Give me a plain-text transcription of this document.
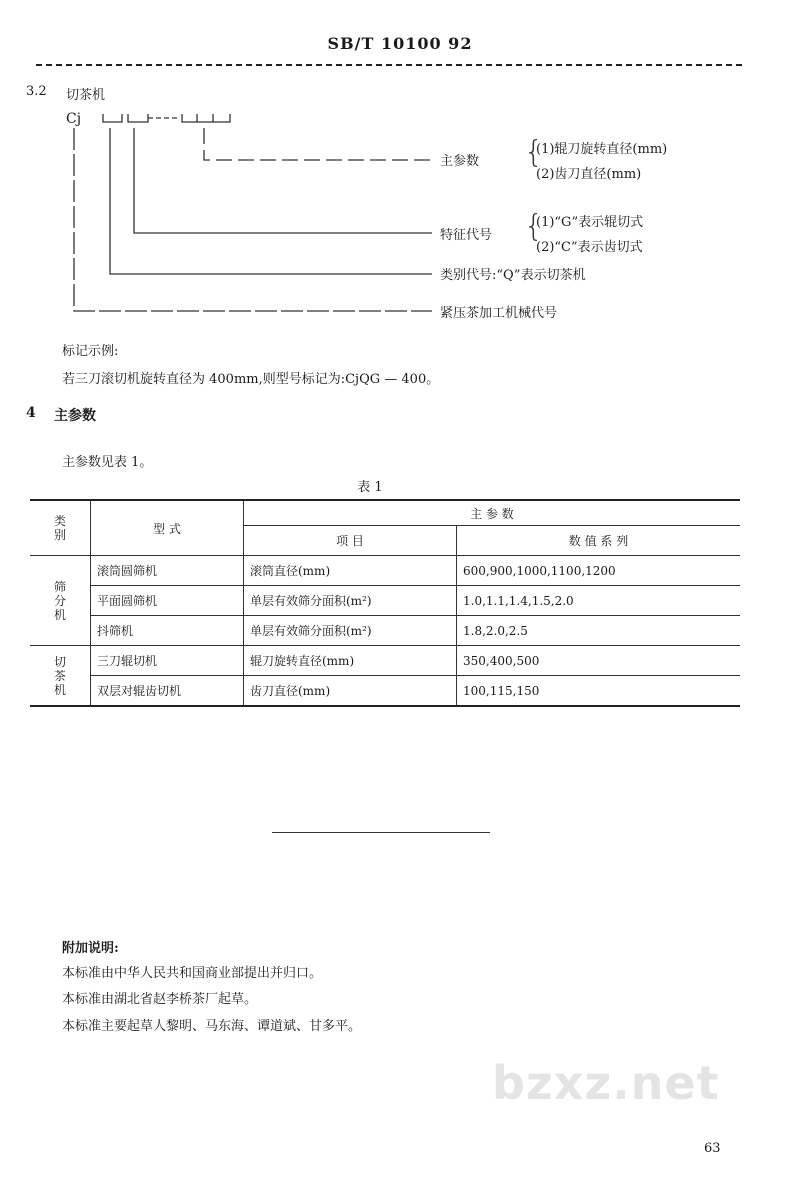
SB/T 10100 92
3.2 切茶机
Cj
主参数 {
(1)辊刀旋转直径(mm)
(2)齿刀直径(mm)
特征代号 {
(1)“G”表示辊切式
(2)“C”表示齿切式
类别代号:“Q”表示切茶机
紧压茶加工机械代号
标记示例:
若三刀滚切机旋转直径为 400mm,则型号标记为:CjQG — 400。
4 主参数
主参数见表 1。
表 1
类别	型 式	主 参 数	
		项 目	数 值 系 列
筛分机	滚筒圆筛机	滚筒直径(mm)	600,900,1000,1100,1200
	平面圆筛机	单层有效筛分面积(m²)	1.0,1.1,1.4,1.5,2.0
	抖筛机	单层有效筛分面积(m²)	1.8,2.0,2.5
切茶机	三刀辊切机	辊刀旋转直径(mm)	350,400,500
	双层对辊齿切机	齿刀直径(mm)	100,115,150
附加说明:
本标准由中华人民共和国商业部提出并归口。
本标准由湖北省赵李桥茶厂起草。
本标准主要起草人黎明、马东海、谭道斌、甘多平。
bzxz.net
63
